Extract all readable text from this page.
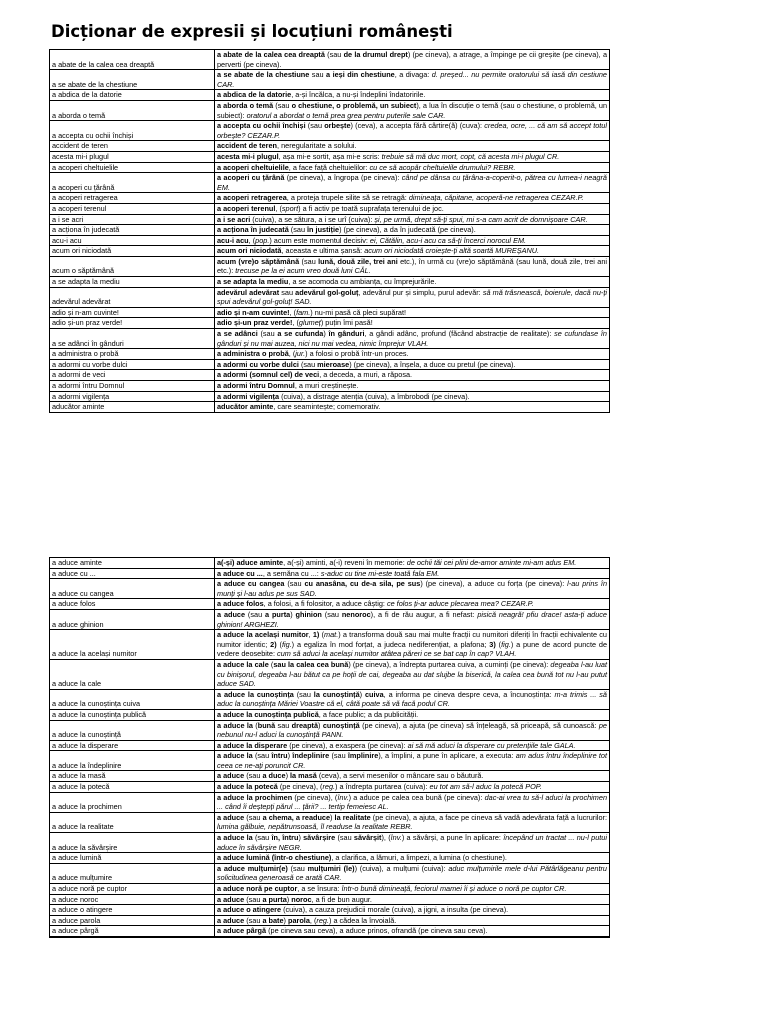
Dicționar de expresii și locuțiuni românești
a abate de la calea cea dreaptă	a abate de la calea cea dreaptă (sau de la drumul drept) (pe cineva), a atrage, a împinge pe cii greșite (pe cineva), a perverti (pe cineva).
a se abate de la chestiune	a se abate de la chestiune sau a ieși din chestiune, a divaga: d. președ... nu permite oratorului să iasă din cestiune CAR.
a abdica de la datorie	a abdica de la datorie, a-și încălca, a nu-și îndeplini îndatoririle.
a aborda o temă	a aborda o temă (sau o chestiune, o problemă, un subiect), a lua în discuție o temă (sau o chestiune, o problemă, un subiect): oratorul a abordat o temă prea grea pentru puterile sale CAR.
a accepta cu ochii închiși	a accepta cu ochii închiși (sau orbește) (ceva), a accepta fără cârtire(ă) (cuva): credea, ocre, ... că am să accept totul orbește? CEZAR.P.
accident de teren	accident de teren, neregularitate a solului.
acesta mi-i plugul	acesta mi-i plugul, așa mi-e sortit, așa mi-e scris: trebuie să mă duc mort, copt, că acesta mi-i plugul CR.
a acoperi cheltuielile	a acoperi cheltuielile, a face față cheltuielilor: cu ce să acopăr cheltuielile drumului? REBR.
a acoperi cu țărână	a acoperi cu țărână (pe cineva), a îngropa (pe cineva): când pe dânsa cu țărâna-a-coperit-o, pătrea cu lumea-i neagră EM.
a acoperi retragerea	a acoperi retragerea, a proteja trupele silite să se retragă: dimineața, căpitane, acoperă-ne retragerea CEZAR.P.
a acoperi terenul	a acoperi terenul, (sport) a fi activ pe toată suprafața terenului de joc.
a i se acri	a i se acri (cuiva), a se sătura, a i se urî (cuiva): și, pe urmă, drept să-ți spui, mi s-a cam acrit de domnișoare CAR.
a acționa în judecată	a acționa în judecată (sau în justiție) (pe cineva), a da în judecată (pe cineva).
acu-i acu	acu-i acu, (pop.) acum este momentul decisiv: ei, Cătălin, acu-i acu ca să-ți încerci norocul EM.
acum ori niciodată	acum ori niciodată, aceasta e ultima șansă: acum ori niciodată croiește-ți altă soartă MUREȘANU.
acum o săptămână	acum (vre)o săptămână (sau lună, două zile, trei ani etc.), în urmă cu (vre)o săptămână (sau lună, două zile, trei ani etc.): trecuse pe la ei acum vreo două luni CĂL.
a se adapta la mediu	a se adapta la mediu, a se acomoda cu ambianța, cu împrejurările.
adevărul adevărat	adevărul adevărat sau adevărul gol-goluț, adevărul pur și simplu, purul adevăr: să mă trăsnească, boierule, dacă nu-ți spui adevărul gol-goluț! SAD.
adio și n-am cuvinte!	adio și n-am cuvinte!, (fam.) nu-mi pasă că pleci supărat!
adio și-un praz verde!	adio și-un praz verde!, (glumeț) puțin îmi pasă!
a se adânci în gânduri	a se adânci (sau a se cufunda) în gânduri, a gândi adânc, profund (făcând abstracție de realitate): se cufundase în gânduri și nu mai auzea, nici nu mai vedea, nimic împrejur VLAH.
a administra o probă	a administra o probă, (jur.) a folosi o probă într-un proces.
a adormi cu vorbe dulci	a adormi cu vorbe dulci (sau mieroase) (pe cineva), a înșela, a duce cu pretul (pe cineva).
a adormi de veci	a adormi (somnul cel) de veci, a deceda, a muri, a răposa.
a adormi întru Domnul	a adormi întru Domnul, a muri creștinește.
a adormi vigilența	a adormi vigilența (cuiva), a distrage atenția (cuiva), a îmbrobodi (pe cineva).
aducător aminte	aducător aminte, care seamintește; comemorativ.
a aduce aminte	a(-și) aduce aminte, a(-și) aminti, a(-i) reveni în memorie: de ochii tăi cei plini de-amor aminte mi-am adus EM.
a aduce cu ...	a aduce cu ..., a semăna cu ...: s-aduc cu tine mi-este toată fala EM.
a aduce cu cangea	a aduce cu cangea (sau cu anasâna, cu de-a sila, pe sus) (pe cineva), a aduce cu forța (pe cineva): l-au prins în munți și l-au adus pe sus SAD.
a aduce folos	a aduce folos, a folosi, a fi folositor, a aduce câștig: ce folos ți-ar aduce plecarea mea? CEZAR.P.
a aduce ghinion	a aduce (sau a purta) ghinion (sau nenoroc), a fi de rău augur, a fi nefast: pisică neagră! pfiu drace! asta-ți aduce ghinion! ARGHEZI.
a aduce la același numitor	a aduce la același numitor, 1) (mat.) a transforma două sau mai multe fracții cu numitori diferiți în fracții echivalente cu numitor identic; 2) (fig.) a egaliza în mod forțat, a judeca nediferențiat, a plafona; 3) (fig.) a pune de acord puncte de vedere deosebite: cum să aduci la același numitor atâtea păreri ce se bat cap în cap? VLAH.
a aduce la cale	a aduce la cale (sau la calea cea bună) (pe cineva), a îndrepta purtarea cuiva, a cuminți (pe cineva): degeaba l-au luat cu binișorul, degeaba l-au bătut ca pe hoții de cai, degeaba au dat slujbe la biserică, la calea cea bună tot nu l-au putut aduce SAD.
a aduce la cunoștința cuiva	a aduce la cunoștința (sau la cunoștință) cuiva, a informa pe cineva despre ceva, a încunoștința: m-a trimis ... să aduc la cunoștința Măriei Voastre că el, câtă poate să vă facă podul CR.
a aduce la cunoștința publică	a aduce la cunoștința publică, a face public; a da publicității.
a aduce la cunoștință	a aduce la (bună sau dreaptă) cunoștință (pe cineva), a ajuta (pe cineva) să înțeleagă, să priceapă, să cunoască: pe nebunul nu-l aduci la cunoștință PANN.
a aduce la disperare	a aduce la disperare (pe cineva), a exaspera (pe cineva): ai să mă aduci la disperare cu pretențiile tale GALA.
a aduce la îndeplinire	a aduce la (sau întru) îndeplinire (sau împlinire), a împlini, a pune în aplicare, a executa: am adus întru îndeplinire tot ceea ce ne-ați poruncit CR.
a aduce la masă	a aduce (sau a duce) la masă (ceva), a servi mesenilor o mâncare sau o băutură.
a aduce la potecă	a aduce la potecă (pe cineva), (reg.) a îndrepta purtarea (cuiva): eu tot am să-l aduc la potecă POP.
a aduce la prochimen	a aduce la prochimen (pe cineva), (înv.) a aduce pe calea cea bună (pe cineva): dac-ai vrea tu să-l aduci la prochimen ... când îi deștepți părul ... țării? ... tertip femeiesc AL.
a aduce la realitate	a aduce (sau a chema, a readuce) la realitate (pe cineva), a ajuta, a face pe cineva să vadă adevărata față a lucrurilor: lumina gălbuie, nepătrunsoasă, îl readuse la realitate REBR.
a aduce la săvârșire	a aduce la (sau în, întru) săvârșire (sau săvârșit), (înv.) a săvârși, a pune în aplicare: începând un tractat ... nu-l putui aduce în săvârșire NEGR.
a aduce lumină	a aduce lumină (într-o chestiune), a clarifica, a lămuri, a limpezi, a lumina (o chestiune).
a aduce mulțumire	a aduce mulțumir(e) (sau mulțumiri (le)) (cuiva), a mulțumi (cuiva): aduc mulțumirile mele d-lui Pătârlăgeanu pentru solicitudinea generoasă ce arată CAR.
a aduce noră pe cuptor	a aduce noră pe cuptor, a se însura: într-o bună dimineață, feciorul mamei îi și aduce o noră pe cuptor CR.
a aduce noroc	a aduce (sau a purta) noroc, a fi de bun augur.
a aduce o atingere	a aduce o atingere (cuiva), a cauza prejudicii morale (cuiva), a jigni, a insulta (pe cineva).
a aduce parola	a aduce (sau a bate) parola, (reg.) a cădea la învoială.
a aduce pârgă	a aduce pârgă (pe cineva sau ceva), a aduce prinos, ofrandă (pe cineva sau ceva).
